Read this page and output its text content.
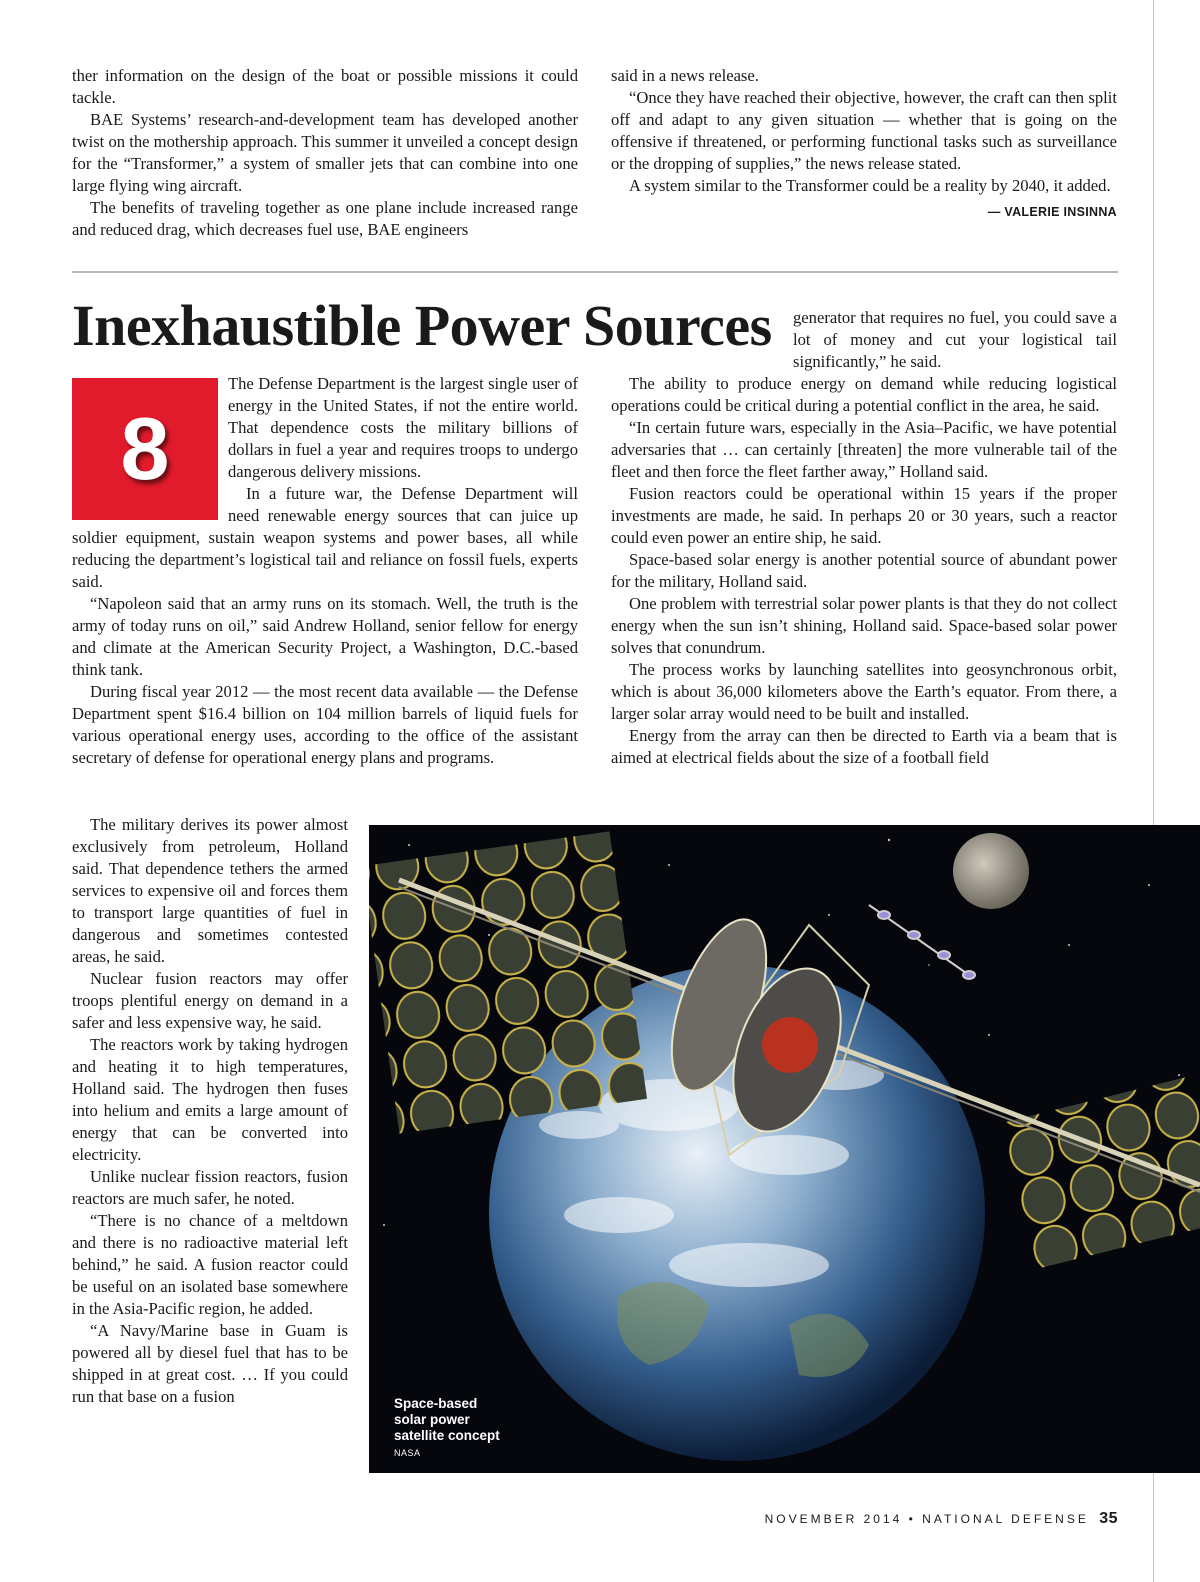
ther information on the design of the boat or possible missions it could tackle.

BAE Systems’ research-and-development team has developed another twist on the mothership approach. This summer it unveiled a concept design for the “Transformer,” a system of smaller jets that can combine into one large flying wing aircraft.

The benefits of traveling together as one plane include increased range and reduced drag, which decreases fuel use, BAE engineers

said in a news release.

“Once they have reached their objective, however, the craft can then split off and adapt to any given situation — whether that is going on the offensive if threatened, or performing functional tasks such as surveillance or the dropping of supplies,” the news release stated.

A system similar to the Transformer could be a reality by 2040, it added.
— VALERIE INSINNA

Inexhaustible Power Sources
8

The Defense Department is the largest single user of energy in the United States, if not the entire world. That dependence costs the military billions of dollars in fuel a year and requires troops to undergo dangerous delivery missions.

In a future war, the Defense Department will need renewable energy sources that can juice up soldier equipment, sustain weapon systems and power bases, all while reducing the department’s logistical tail and reliance on fossil fuels, experts said.

“Napoleon said that an army runs on its stomach. Well, the truth is the army of today runs on oil,” said Andrew Holland, senior fellow for energy and climate at the American Security Project, a Washington, D.C.-based think tank.

During fiscal year 2012 — the most recent data available — the Defense Department spent $16.4 billion on 104 million barrels of liquid fuels for various operational energy uses, according to the office of the assistant secretary of defense for operational energy plans and programs.

The military derives its power almost exclusively from petroleum, Holland said. That dependence tethers the armed services to expensive oil and forces them to transport large quantities of fuel in dangerous and sometimes contested areas, he said.

Nuclear fusion reactors may offer troops plentiful energy on demand in a safer and less expensive way, he said.

The reactors work by taking hydrogen and heating it to high temperatures, Holland said. The hydrogen then fuses into helium and emits a large amount of energy that can be converted into electricity.

Unlike nuclear fission reactors, fusion reactors are much safer, he noted.

“There is no chance of a meltdown and there is no radioactive material left behind,” he said. A fusion reactor could be useful on an isolated base somewhere in the Asia-Pacific region, he added.

“A Navy/Marine base in Guam is powered all by diesel fuel that has to be shipped in at great cost. … If you could run that base on a fusion

generator that requires no fuel, you could save a lot of money and cut your logistical tail significantly,” he said.

The ability to produce energy on demand while reducing logistical operations could be critical during a potential conflict in the area, he said.

“In certain future wars, especially in the Asia–Pacific, we have potential adversaries that … can certainly [threaten] the more vulnerable tail of the fleet and then force the fleet farther away,” Holland said.

Fusion reactors could be operational within 15 years if the proper investments are made, he said. In perhaps 20 or 30 years, such a reactor could even power an entire ship, he said.

Space-based solar energy is another potential source of abundant power for the military, Holland said.

One problem with terrestrial solar power plants is that they do not collect energy when the sun isn’t shining, Holland said. Space-based solar power solves that conundrum.

The process works by launching satellites into geosynchronous orbit, which is about 36,000 kilometers above the Earth’s equator. From there, a larger solar array would need to be built and installed.

Energy from the array can then be directed to Earth via a beam that is aimed at electrical fields about the size of a football field

Space-based solar power satellite concept NASA
NOVEMBER 2014 • NATIONAL DEFENSE 35
